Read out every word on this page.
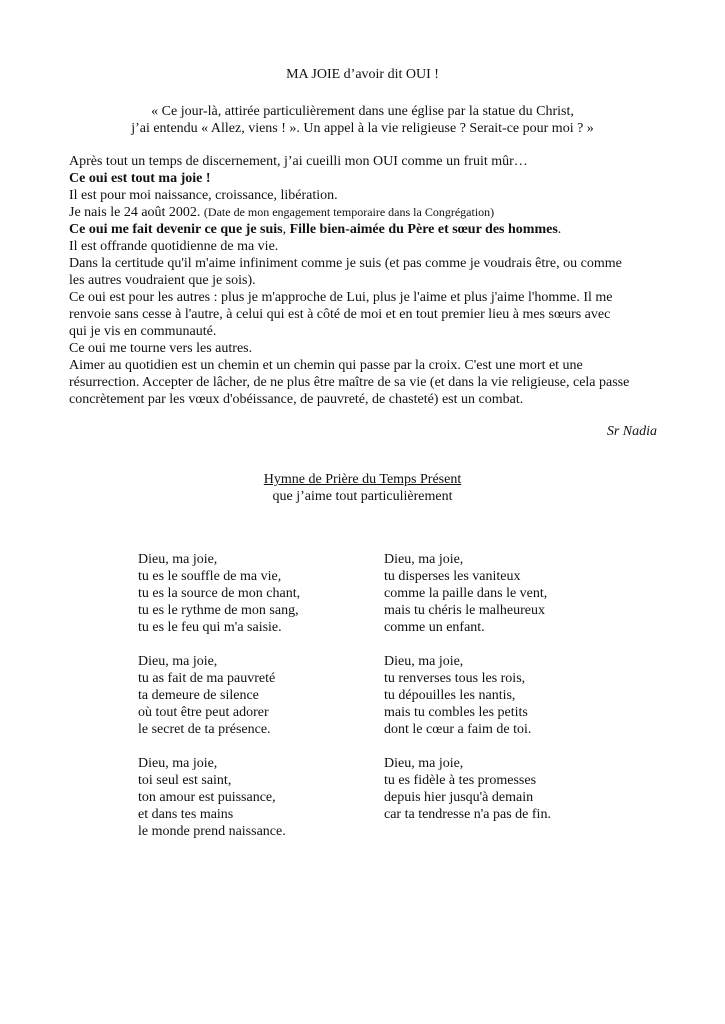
MA JOIE d’avoir dit OUI !
« Ce jour-là, attirée particulièrement dans une église par la statue du Christ,
j’ai entendu « Allez, viens ! ». Un appel à la vie religieuse ? Serait-ce pour moi ? »
Après tout un temps de discernement, j’ai cueilli mon OUI comme un fruit mûr…
Ce oui est tout ma joie !
Il est pour moi naissance, croissance, libération.
Je nais le 24 août 2002. (Date de mon engagement temporaire dans la Congrégation)
Ce oui me fait devenir ce que je suis, Fille bien-aimée du Père et sœur des hommes.
Il est offrande quotidienne de ma vie.
Dans la certitude qu'il m'aime infiniment comme je suis (et pas comme je voudrais être, ou comme
les autres voudraient que je sois).
Ce oui est pour les autres : plus je m'approche de Lui, plus je l'aime et plus j'aime l'homme. Il me
renvoie sans cesse à l'autre, à celui qui est à côté de moi et en tout premier lieu à mes sœurs avec
qui je vis en communauté.
Ce oui me tourne vers les autres.
Aimer au quotidien est un chemin et un chemin qui passe par la croix. C'est une mort et une
résurrection. Accepter de lâcher, de ne plus être maître de sa vie (et dans la vie religieuse, cela passe
concrètement par les vœux d'obéissance, de pauvreté, de chasteté) est un combat.
Sr Nadia
Hymne de Prière du Temps Présent
que j’aime tout particulièrement
Dieu, ma joie,
tu es le souffle de ma vie,
tu es la source de mon chant,
tu es le rythme de mon sang,
tu es le feu qui m'a saisie.
Dieu, ma joie,
tu as fait de ma pauvreté
ta demeure de silence
où tout être peut adorer
le secret de ta présence.
Dieu, ma joie,
toi seul est saint,
ton amour est puissance,
et dans tes mains
le monde prend naissance.
Dieu, ma joie,
tu disperses les vaniteux
comme la paille dans le vent,
mais tu chéris le malheureux
comme un enfant.
Dieu, ma joie,
tu renverses tous les rois,
tu dépouilles les nantis,
mais tu combles les petits
dont le cœur a faim de toi.
Dieu, ma joie,
tu es fidèle à tes promesses
depuis hier jusqu'à demain
car ta tendresse n'a pas de fin.
